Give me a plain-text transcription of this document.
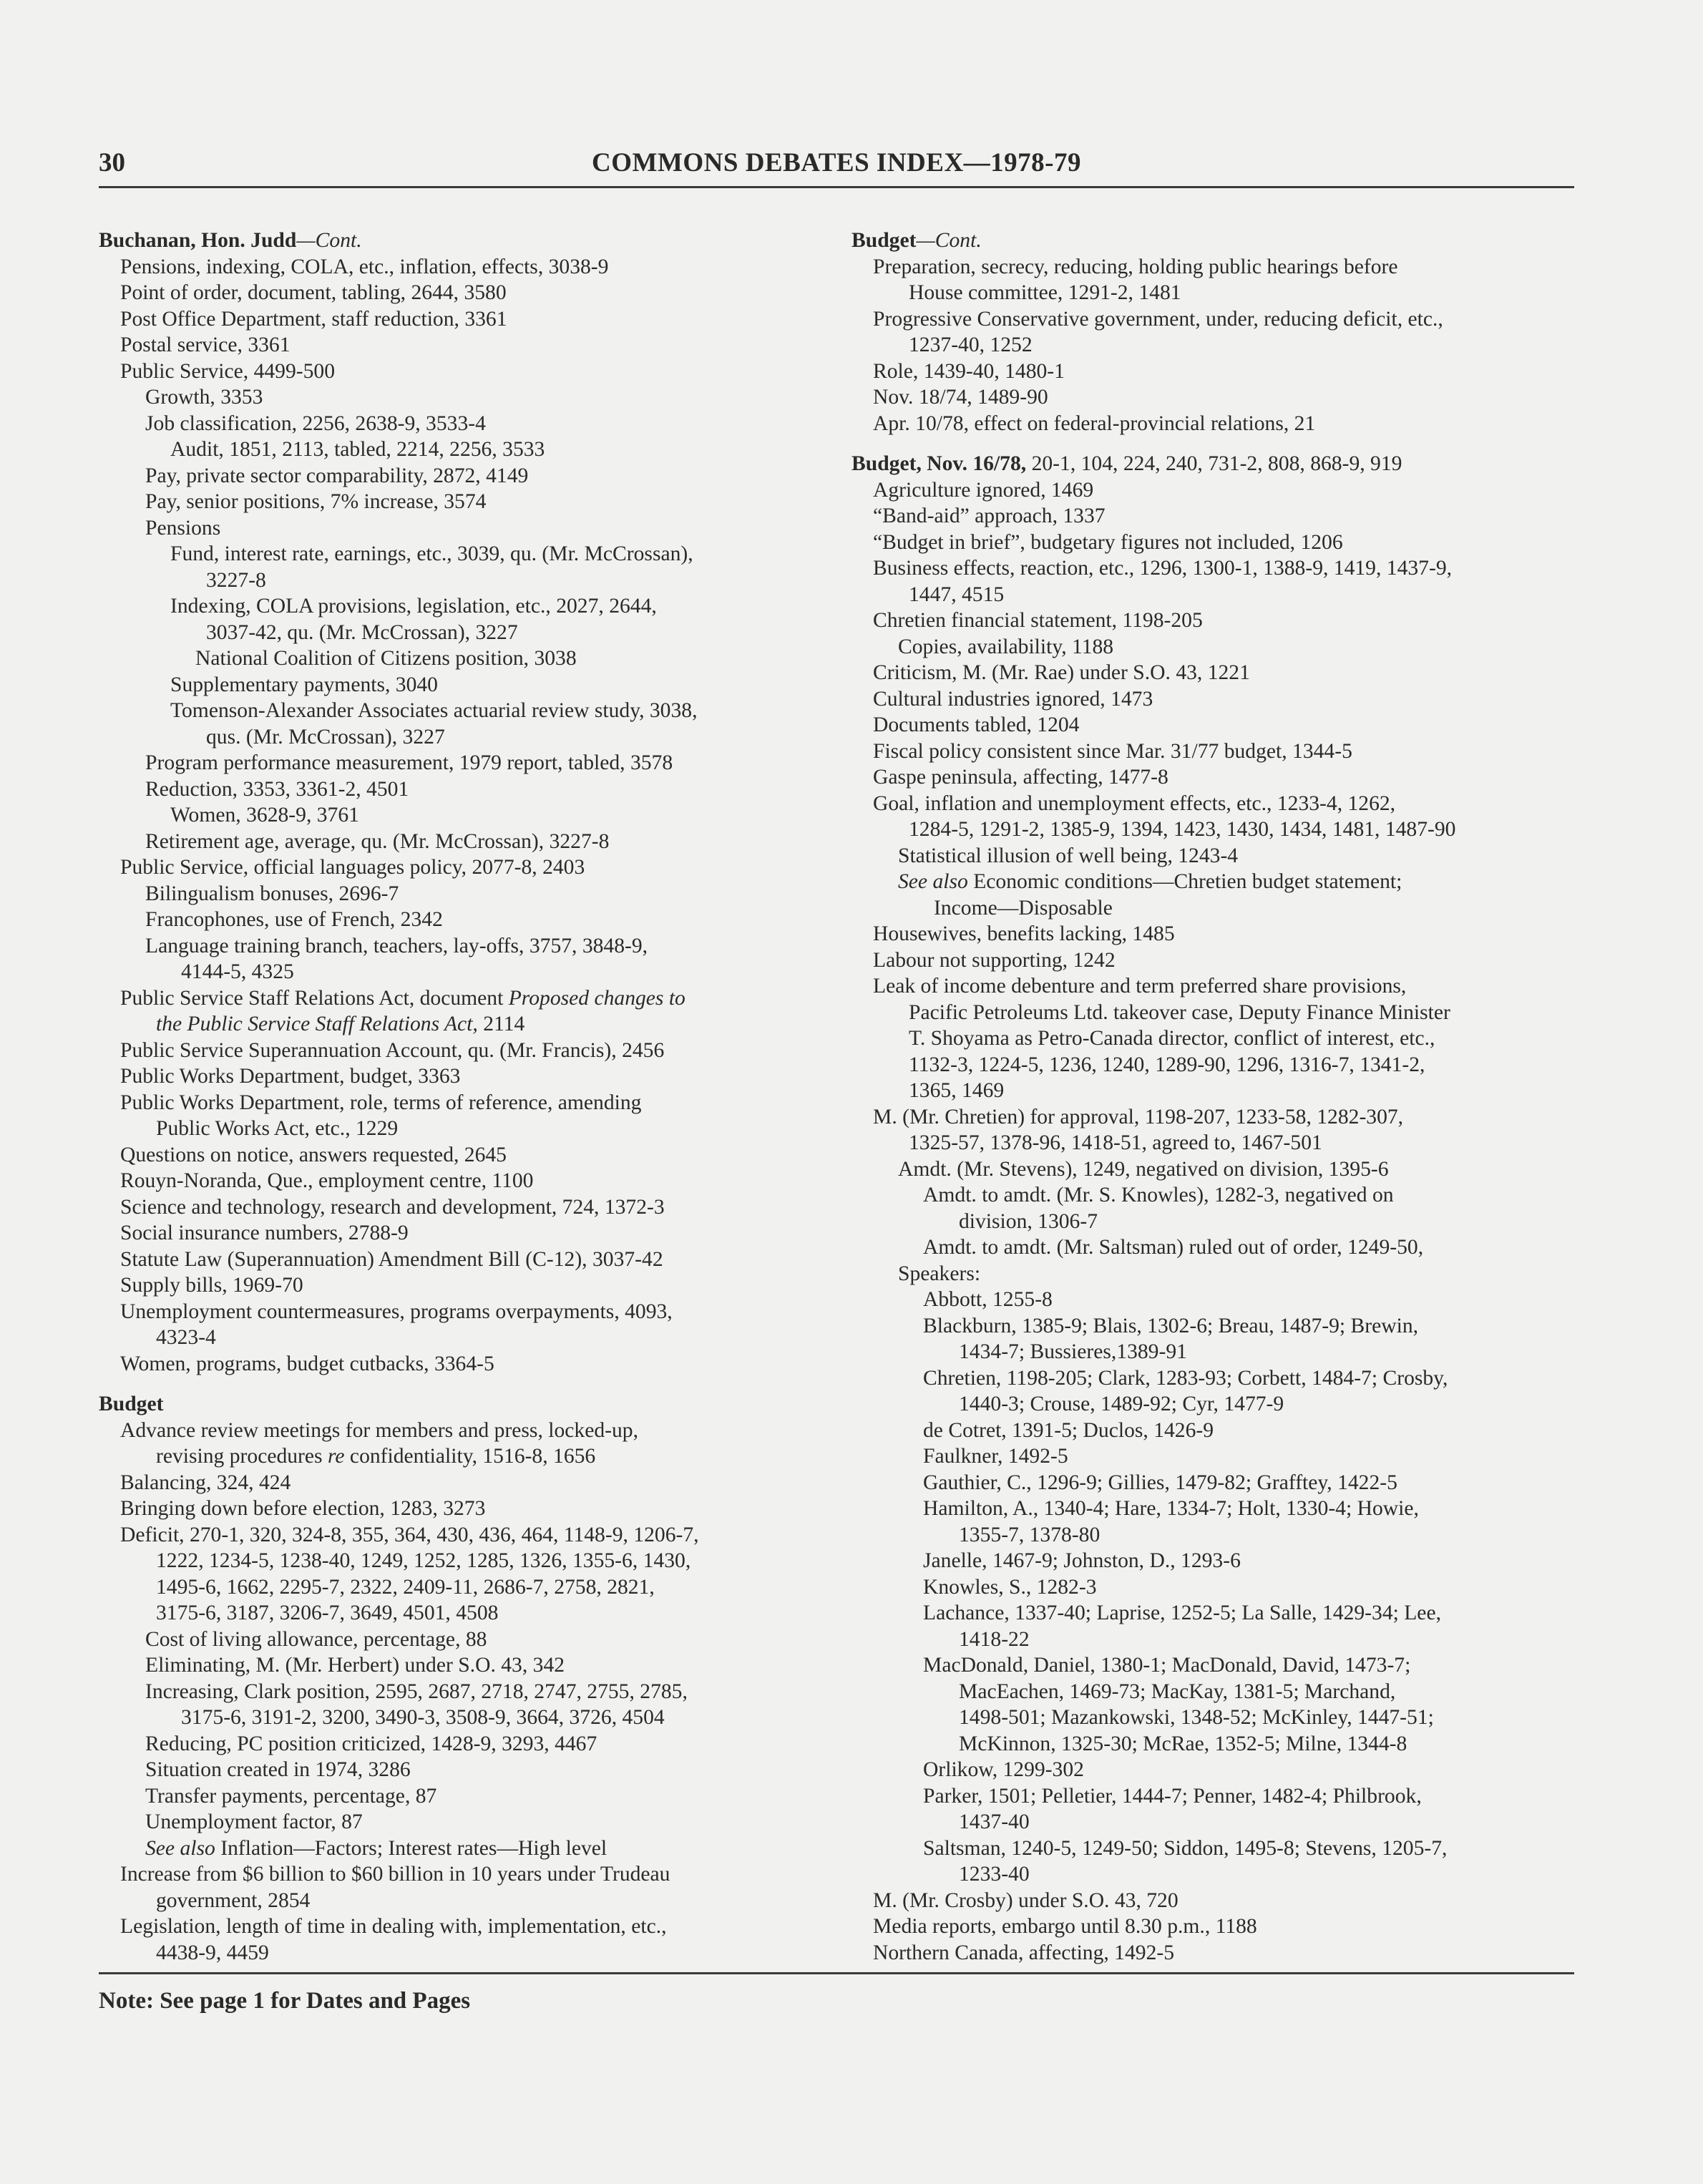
30	COMMONS DEBATES INDEX—1978-79
Buchanan, Hon. Judd—Cont.
Pensions, indexing, COLA, etc., inflation, effects, 3038-9
Point of order, document, tabling, 2644, 3580
Post Office Department, staff reduction, 3361
Postal service, 3361
Public Service, 4499-500
Growth, 3353
Job classification, 2256, 2638-9, 3533-4
Audit, 1851, 2113, tabled, 2214, 2256, 3533
Pay, private sector comparability, 2872, 4149
Pay, senior positions, 7% increase, 3574
Pensions
Fund, interest rate, earnings, etc., 3039, qu. (Mr. McCrossan),
3227-8
Indexing, COLA provisions, legislation, etc., 2027, 2644,
3037-42, qu. (Mr. McCrossan), 3227
National Coalition of Citizens position, 3038
Supplementary payments, 3040
Tomenson-Alexander Associates actuarial review study, 3038,
qus. (Mr. McCrossan), 3227
Program performance measurement, 1979 report, tabled, 3578
Reduction, 3353, 3361-2, 4501
Women, 3628-9, 3761
Retirement age, average, qu. (Mr. McCrossan), 3227-8
Public Service, official languages policy, 2077-8, 2403
Bilingualism bonuses, 2696-7
Francophones, use of French, 2342
Language training branch, teachers, lay-offs, 3757, 3848-9,
4144-5, 4325
Public Service Staff Relations Act, document Proposed changes to
the Public Service Staff Relations Act, 2114
Public Service Superannuation Account, qu. (Mr. Francis), 2456
Public Works Department, budget, 3363
Public Works Department, role, terms of reference, amending
Public Works Act, etc., 1229
Questions on notice, answers requested, 2645
Rouyn-Noranda, Que., employment centre, 1100
Science and technology, research and development, 724, 1372-3
Social insurance numbers, 2788-9
Statute Law (Superannuation) Amendment Bill (C-12), 3037-42
Supply bills, 1969-70
Unemployment countermeasures, programs overpayments, 4093,
4323-4
Women, programs, budget cutbacks, 3364-5
Budget
Advance review meetings for members and press, locked-up,
revising procedures re confidentiality, 1516-8, 1656
Balancing, 324, 424
Bringing down before election, 1283, 3273
Deficit, 270-1, 320, 324-8, 355, 364, 430, 436, 464, 1148-9, 1206-7,
1222, 1234-5, 1238-40, 1249, 1252, 1285, 1326, 1355-6, 1430,
1495-6, 1662, 2295-7, 2322, 2409-11, 2686-7, 2758, 2821,
3175-6, 3187, 3206-7, 3649, 4501, 4508
Cost of living allowance, percentage, 88
Eliminating, M. (Mr. Herbert) under S.O. 43, 342
Increasing, Clark position, 2595, 2687, 2718, 2747, 2755, 2785,
3175-6, 3191-2, 3200, 3490-3, 3508-9, 3664, 3726, 4504
Reducing, PC position criticized, 1428-9, 3293, 4467
Situation created in 1974, 3286
Transfer payments, percentage, 87
Unemployment factor, 87
See also Inflation—Factors; Interest rates—High level
Increase from $6 billion to $60 billion in 10 years under Trudeau
government, 2854
Legislation, length of time in dealing with, implementation, etc.,
4438-9, 4459
Budget—Cont.
Preparation, secrecy, reducing, holding public hearings before
House committee, 1291-2, 1481
Progressive Conservative government, under, reducing deficit, etc.,
1237-40, 1252
Role, 1439-40, 1480-1
Nov. 18/74, 1489-90
Apr. 10/78, effect on federal-provincial relations, 21
Budget, Nov. 16/78, 20-1, 104, 224, 240, 731-2, 808, 868-9, 919
Agriculture ignored, 1469
“Band-aid” approach, 1337
“Budget in brief”, budgetary figures not included, 1206
Business effects, reaction, etc., 1296, 1300-1, 1388-9, 1419, 1437-9,
1447, 4515
Chretien financial statement, 1198-205
Copies, availability, 1188
Criticism, M. (Mr. Rae) under S.O. 43, 1221
Cultural industries ignored, 1473
Documents tabled, 1204
Fiscal policy consistent since Mar. 31/77 budget, 1344-5
Gaspe peninsula, affecting, 1477-8
Goal, inflation and unemployment effects, etc., 1233-4, 1262,
1284-5, 1291-2, 1385-9, 1394, 1423, 1430, 1434, 1481, 1487-90
Statistical illusion of well being, 1243-4
See also Economic conditions—Chretien budget statement;
Income—Disposable
Housewives, benefits lacking, 1485
Labour not supporting, 1242
Leak of income debenture and term preferred share provisions,
Pacific Petroleums Ltd. takeover case, Deputy Finance Minister
T. Shoyama as Petro-Canada director, conflict of interest, etc.,
1132-3, 1224-5, 1236, 1240, 1289-90, 1296, 1316-7, 1341-2,
1365, 1469
M. (Mr. Chretien) for approval, 1198-207, 1233-58, 1282-307,
1325-57, 1378-96, 1418-51, agreed to, 1467-501
Amdt. (Mr. Stevens), 1249, negatived on division, 1395-6
Amdt. to amdt. (Mr. S. Knowles), 1282-3, negatived on
division, 1306-7
Amdt. to amdt. (Mr. Saltsman) ruled out of order, 1249-50,
Speakers:
Abbott, 1255-8
Blackburn, 1385-9; Blais, 1302-6; Breau, 1487-9; Brewin,
1434-7; Bussieres,1389-91
Chretien, 1198-205; Clark, 1283-93; Corbett, 1484-7; Crosby,
1440-3; Crouse, 1489-92; Cyr, 1477-9
de Cotret, 1391-5; Duclos, 1426-9
Faulkner, 1492-5
Gauthier, C., 1296-9; Gillies, 1479-82; Grafftey, 1422-5
Hamilton, A., 1340-4; Hare, 1334-7; Holt, 1330-4; Howie,
1355-7, 1378-80
Janelle, 1467-9; Johnston, D., 1293-6
Knowles, S., 1282-3
Lachance, 1337-40; Laprise, 1252-5; La Salle, 1429-34; Lee,
1418-22
MacDonald, Daniel, 1380-1; MacDonald, David, 1473-7;
MacEachen, 1469-73; MacKay, 1381-5; Marchand,
1498-501; Mazankowski, 1348-52; McKinley, 1447-51;
McKinnon, 1325-30; McRae, 1352-5; Milne, 1344-8
Orlikow, 1299-302
Parker, 1501; Pelletier, 1444-7; Penner, 1482-4; Philbrook,
1437-40
Saltsman, 1240-5, 1249-50; Siddon, 1495-8; Stevens, 1205-7,
1233-40
M. (Mr. Crosby) under S.O. 43, 720
Media reports, embargo until 8.30 p.m., 1188
Northern Canada, affecting, 1492-5
Note: See page 1 for Dates and Pages
